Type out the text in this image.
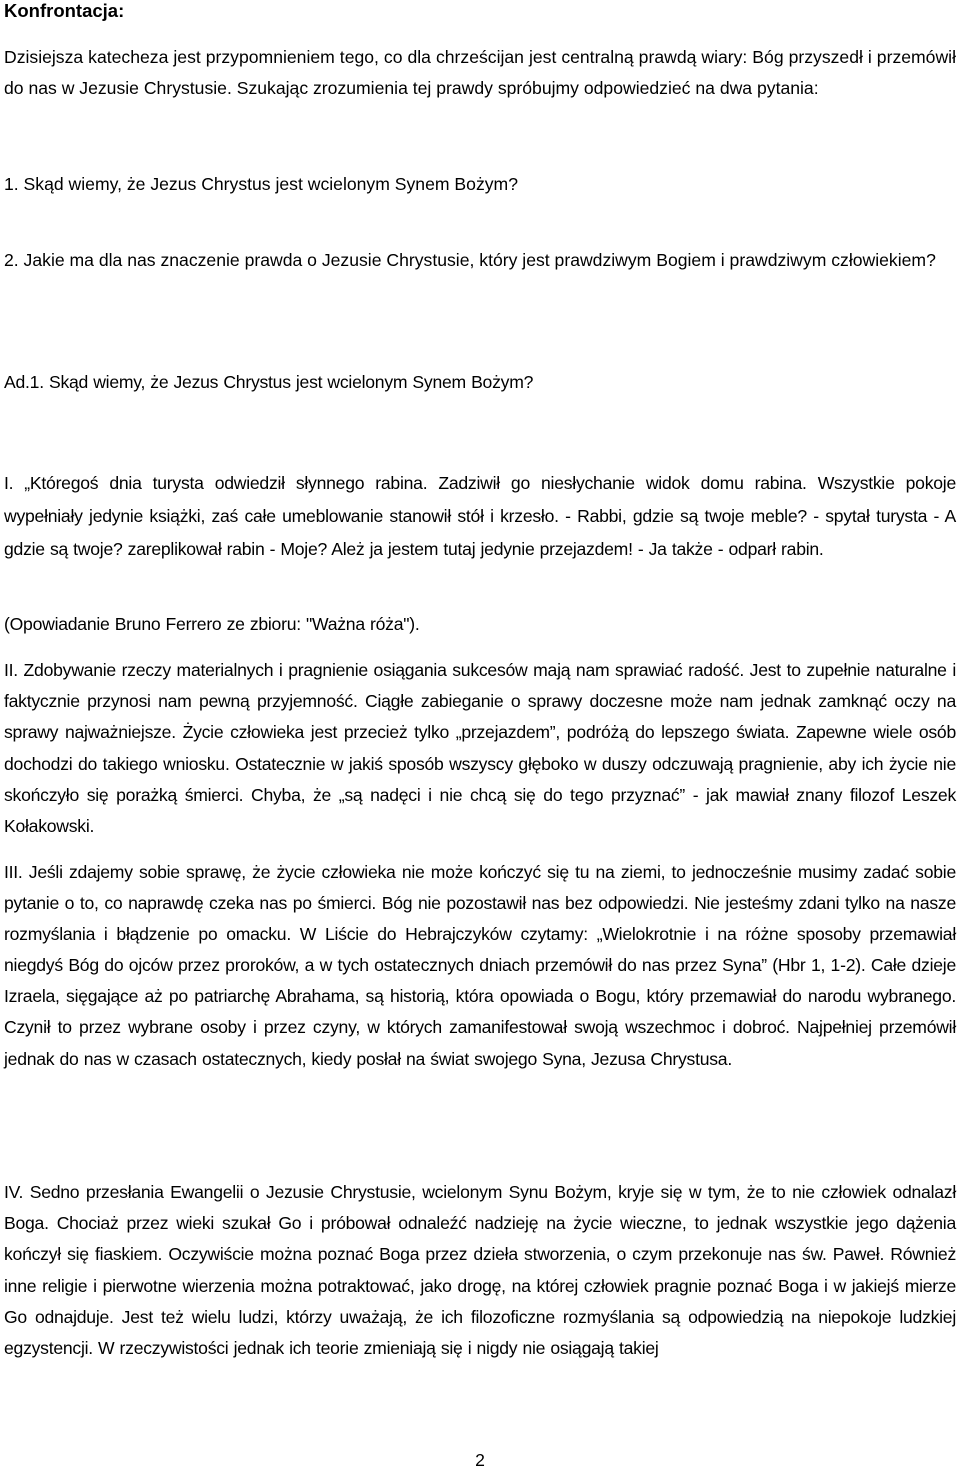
Konfrontacja:

Dzisiejsza katecheza jest przypomnieniem tego, co dla chrześcijan jest centralną prawdą wiary: Bóg przyszedł i przemówił do nas w Jezusie Chrystusie. Szukając zrozumienia tej prawdy spróbujmy odpowiedzieć na dwa pytania:

1. Skąd wiemy, że Jezus Chrystus jest wcielonym Synem Bożym?

2. Jakie ma dla nas znaczenie prawda o Jezusie Chrystusie, który jest prawdziwym Bogiem i prawdziwym człowiekiem?

Ad.1. Skąd wiemy, że Jezus Chrystus jest wcielonym Synem Bożym?

I. „Któregoś dnia turysta odwiedził słynnego rabina. Zadziwił go niesłychanie widok domu rabina. Wszystkie pokoje wypełniały jedynie książki, zaś całe umeblowanie stanowił stół i krzesło. - Rabbi, gdzie są twoje meble? - spytał turysta - A gdzie są twoje? zareplikował rabin - Moje? Ależ ja jestem tutaj jedynie przejazdem! - Ja także - odparł rabin.

(Opowiadanie Bruno Ferrero ze zbioru: "Ważna róża").

II. Zdobywanie rzeczy materialnych i pragnienie osiągania sukcesów mają nam sprawiać radość. Jest to zupełnie naturalne i faktycznie przynosi nam pewną przyjemność. Ciągłe zabieganie o sprawy doczesne może nam jednak zamknąć oczy na sprawy najważniejsze. Życie człowieka jest przecież tylko „przejazdem”, podróżą do lepszego świata. Zapewne wiele osób dochodzi do takiego wniosku. Ostatecznie w jakiś sposób wszyscy głęboko w duszy odczuwają pragnienie, aby ich życie nie skończyło się porażką śmierci. Chyba, że „są nadęci i nie chcą się do tego przyznać” - jak mawiał znany filozof Leszek Kołakowski.

III. Jeśli zdajemy sobie sprawę, że życie człowieka nie może kończyć się tu na ziemi, to jednocześnie musimy zadać sobie pytanie o to, co naprawdę czeka nas po śmierci. Bóg nie pozostawił nas bez odpowiedzi. Nie jesteśmy zdani tylko na nasze rozmyślania i błądzenie po omacku. W Liście do Hebrajczyków czytamy: „Wielokrotnie i na różne sposoby przemawiał niegdyś Bóg do ojców przez proroków, a w tych ostatecznych dniach przemówił do nas przez Syna” (Hbr 1, 1-2). Całe dzieje Izraela, sięgające aż po patriarchę Abrahama, są historią, która opowiada o Bogu, który przemawiał do narodu wybranego. Czynił to przez wybrane osoby i przez czyny, w których zamanifestował swoją wszechmoc i dobroć. Najpełniej przemówił jednak do nas w czasach ostatecznych, kiedy posłał na świat swojego Syna, Jezusa Chrystusa.

IV. Sedno przesłania Ewangelii o Jezusie Chrystusie, wcielonym Synu Bożym, kryje się w tym, że to nie człowiek odnalazł Boga. Chociaż przez wieki szukał Go i próbował odnaleźć nadzieję na życie wieczne, to jednak wszystkie jego dążenia kończył się fiaskiem. Oczywiście można poznać Boga przez dzieła stworzenia, o czym przekonuje nas św. Paweł. Również inne religie i pierwotne wierzenia można potraktować, jako drogę, na której człowiek pragnie poznać Boga i w jakiejś mierze Go odnajduje. Jest też wielu ludzi, którzy uważają, że ich filozoficzne rozmyślania są odpowiedzią na niepokoje ludzkiej egzystencji. W rzeczywistości jednak ich teorie zmieniają się i nigdy nie osiągają takiej

2
